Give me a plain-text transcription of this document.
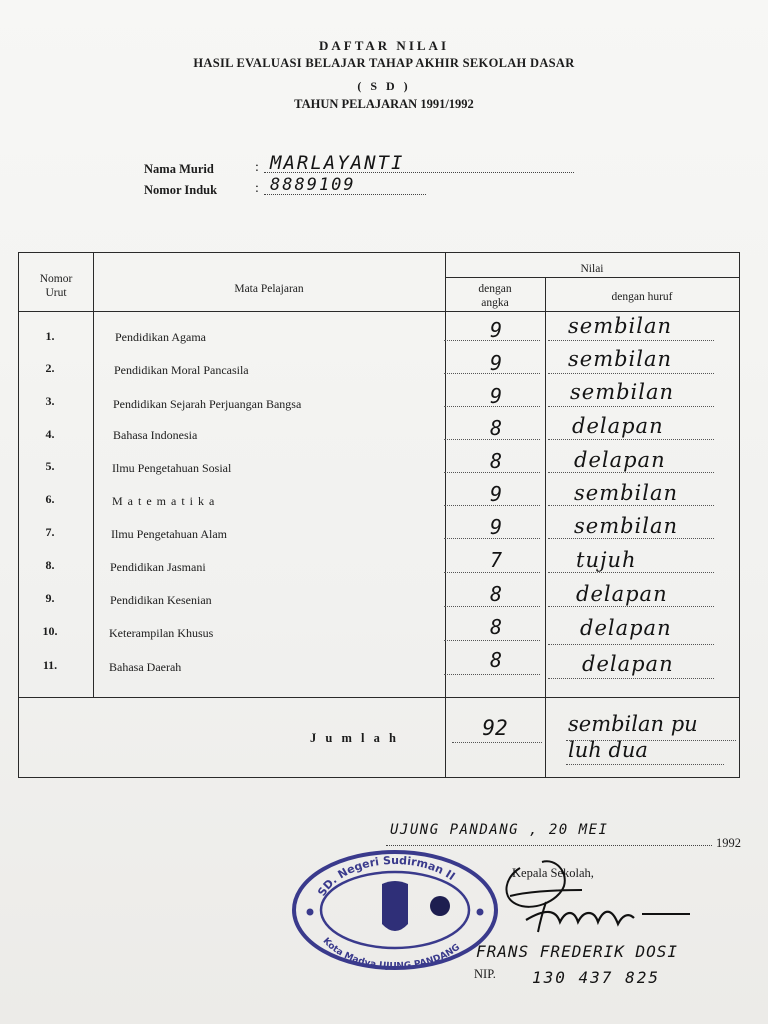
DAFTAR NILAI
HASIL EVALUASI BELAJAR TAHAP AKHIR SEKOLAH DASAR
( S D )
TAHUN PELAJARAN 1991/1992
Nama Murid	: MARLAYANTI
Nomor Induk	: 8889109
Nomor
Urut	Mata Pelajaran
Nilai
dengan
angka	dengan huruf
1.	Pendidikan Agama	9	sembilan
2.	Pendidikan Moral Pancasila	9	sembilan
3.	Pendidikan Sejarah Perjuangan Bangsa	9	sembilan
4.	Bahasa Indonesia	8	delapan
5.	Ilmu Pengetahuan Sosial	8	delapan
6.	M a t e m a t i k a	9	sembilan
7.	Ilmu Pengetahuan Alam	9	sembilan
8.	Pendidikan Jasmani	7	tujuh
9.	Pendidikan Kesenian	8	delapan
10.	Keterampilan Khusus	8	delapan
11.	Bahasa Daerah	8	delapan
J u m l a h	92	sembilan pu
luh dua
UJUNG PANDANG , 20 MEI
1992
Kepala Sekolah,
SD. Negeri Sudirman II
Kota Madya UJUNG PANDANG FRANS FREDERIK DOSI
NIP. 130 437 825
